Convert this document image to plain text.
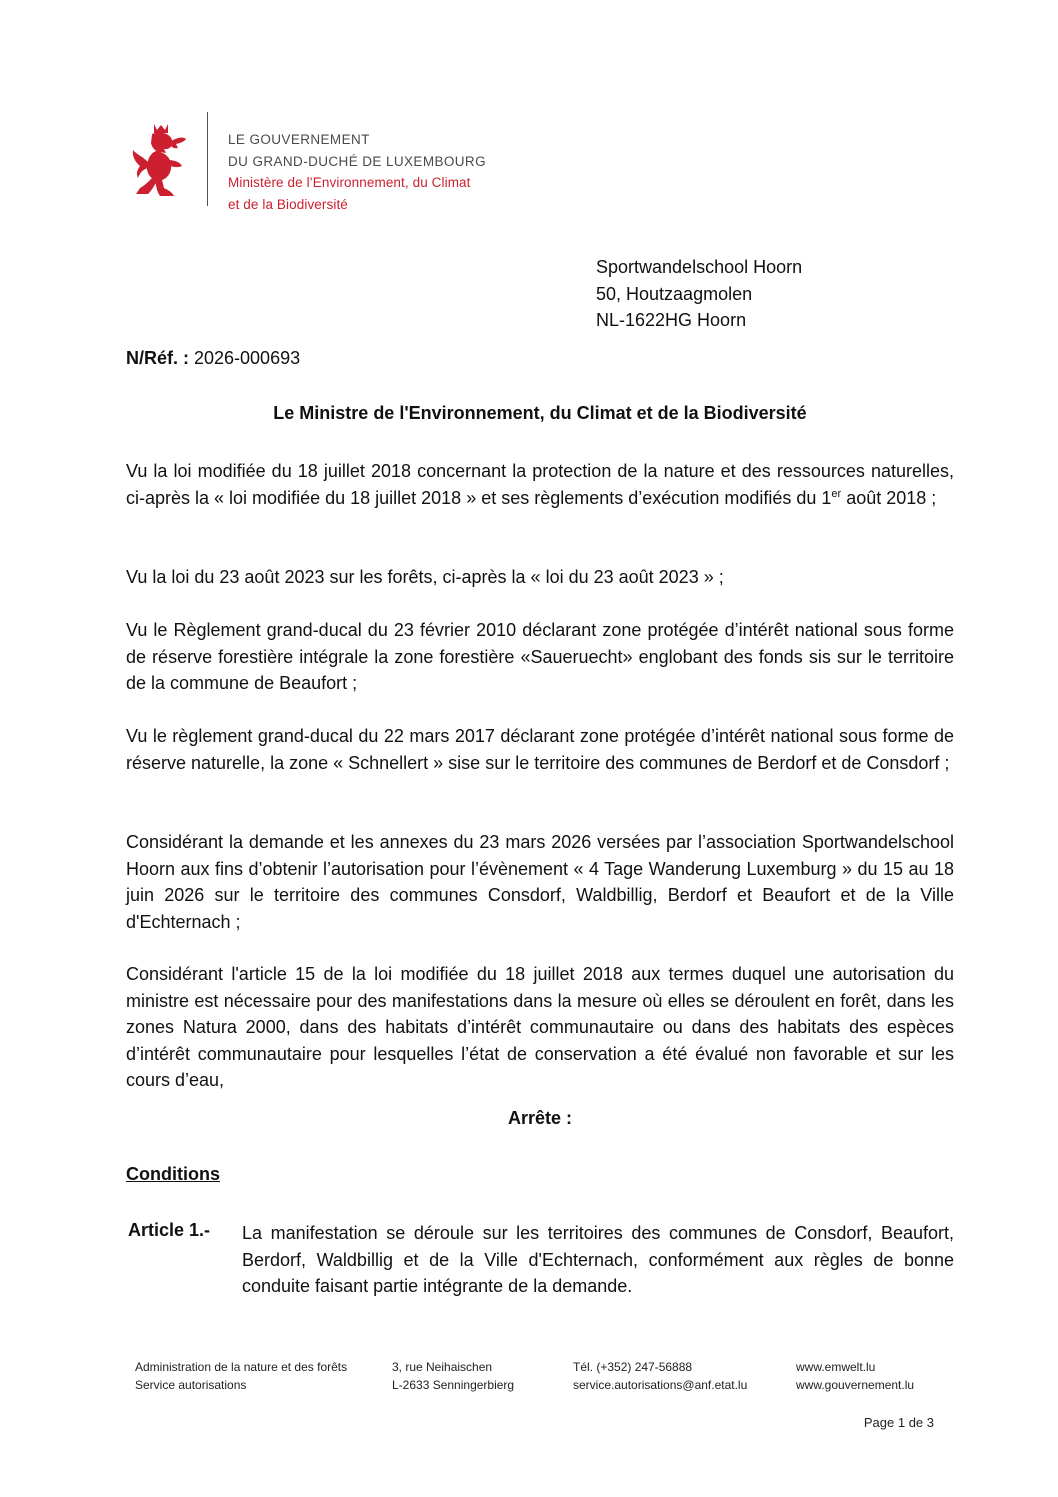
LE GOUVERNEMENT
DU GRAND-DUCHÉ DE LUXEMBOURG
Ministère de l’Environnement, du Climat
et de la Biodiversité
Sportwandelschool Hoorn
50, Houtzaagmolen
NL-1622HG Hoorn
N/Réf. : 2026-000693
Le Ministre de l'Environnement, du Climat et de la Biodiversité

Vu la loi modifiée du 18 juillet 2018 concernant la protection de la nature et des ressources naturelles, ci-après la « loi modifiée du 18 juillet 2018 » et ses règlements d’exécution modifiés du 1er août 2018 ;

Vu la loi du 23 août 2023 sur les forêts, ci-après la « loi du 23 août 2023 » ;

Vu le Règlement grand-ducal du 23 février 2010 déclarant zone protégée d’intérêt national sous forme de réserve forestière intégrale la zone forestière «Saueruecht» englobant des fonds sis sur le territoire de la commune de Beaufort ;

Vu le règlement grand-ducal du 22 mars 2017 déclarant zone protégée d’intérêt national sous forme de réserve naturelle, la zone « Schnellert » sise sur le territoire des communes de Berdorf et de Consdorf ;

Considérant la demande et les annexes du 23 mars 2026 versées par l’association Sportwandelschool Hoorn aux fins d’obtenir l’autorisation pour l’évènement « 4 Tage Wanderung Luxemburg » du 15 au 18 juin 2026 sur le territoire des communes Consdorf, Waldbillig, Berdorf et Beaufort et de la Ville d'Echternach ;

Considérant l'article 15 de la loi modifiée du 18 juillet 2018 aux termes duquel une autorisation du ministre est nécessaire pour des manifestations dans la mesure où elles se déroulent en forêt, dans les zones Natura 2000, dans des habitats d’intérêt communautaire ou dans des habitats des espèces d’intérêt communautaire pour lesquelles l’état de conservation a été évalué non favorable et sur les cours d’eau,

Arrête :
Conditions
Article 1.- La manifestation se déroule sur les territoires des communes de Consdorf, Beaufort, Berdorf, Waldbillig et de la Ville d'Echternach, conformément aux règles de bonne conduite faisant partie intégrante de la demande.

Administration de la nature et des forêts
Service autorisations
3, rue Neihaischen
L-2633 Senningerbierg
Tél. (+352) 247-56888
service.autorisations@anf.etat.lu
www.emwelt.lu
www.gouvernement.lu
Page 1 de 3
